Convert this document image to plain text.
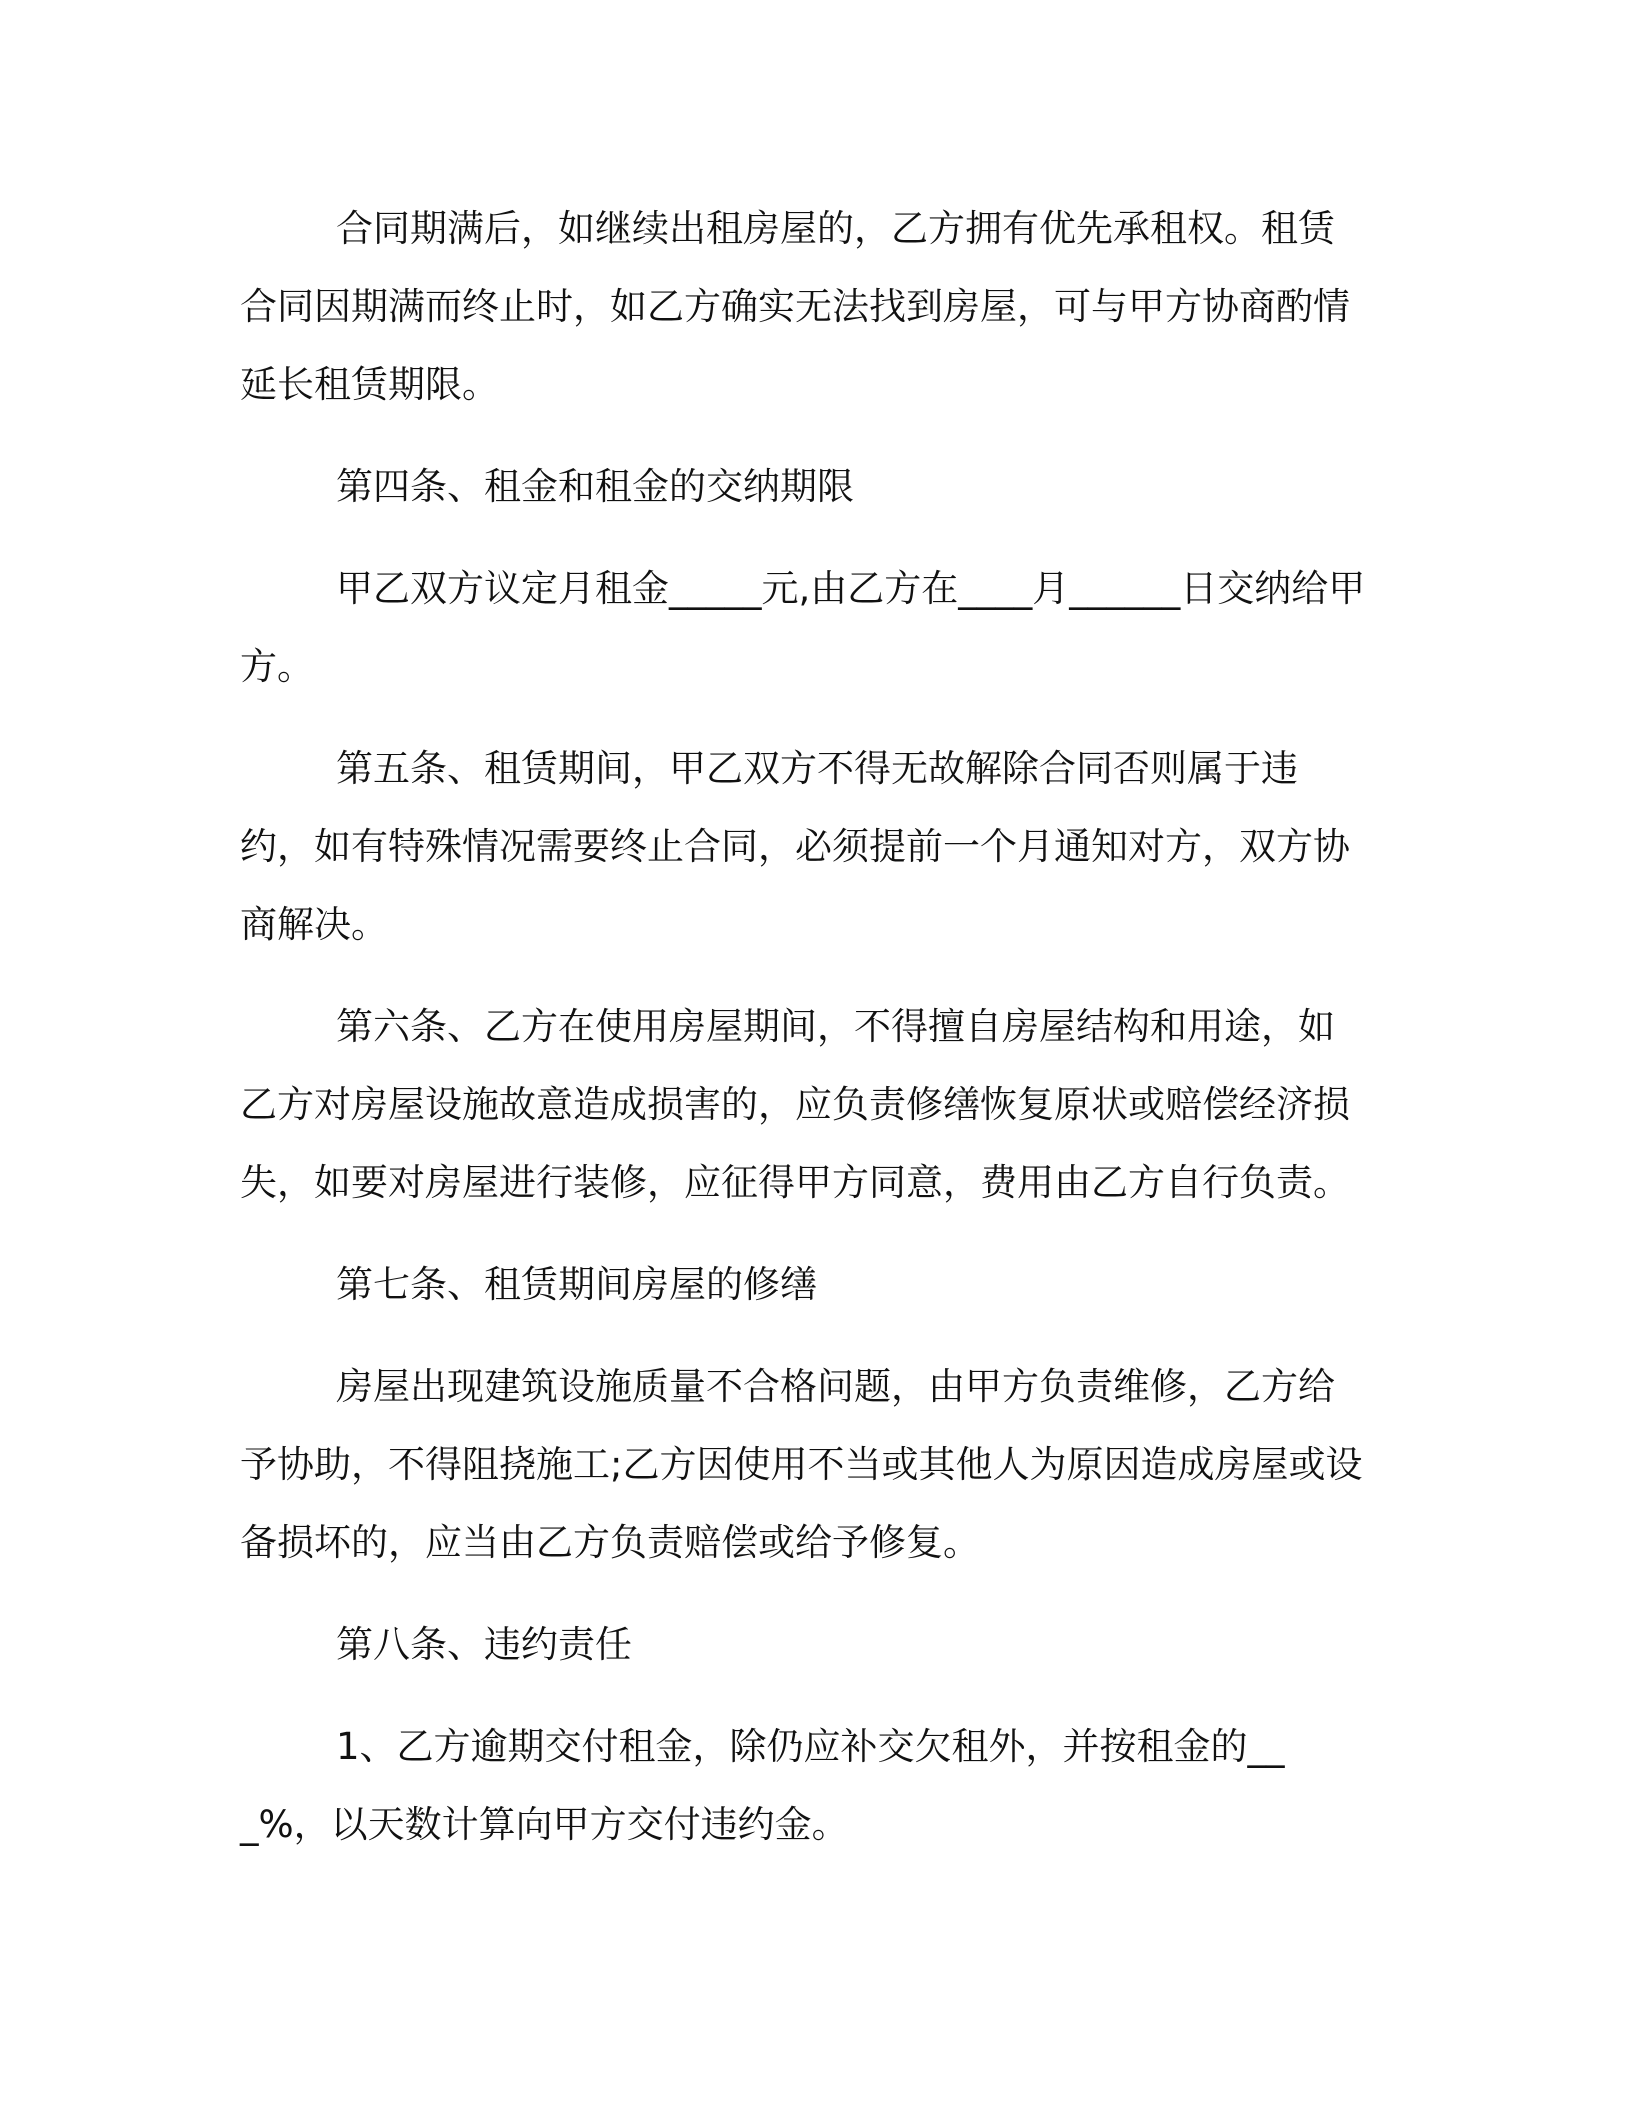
合同期满后，如继续出租房屋的，乙方拥有优先承租权。租赁合同因期满而终止时，如乙方确实无法找到房屋，可与甲方协商酌情延长租赁期限。

第四条、租金和租金的交纳期限

甲乙双方议定月租金_____元,由乙方在____月______日交纳给甲方。

第五条、租赁期间，甲乙双方不得无故解除合同否则属于违约，如有特殊情况需要终止合同，必须提前一个月通知对方，双方协商解决。

第六条、乙方在使用房屋期间，不得擅自房屋结构和用途，如乙方对房屋设施故意造成损害的，应负责修缮恢复原状或赔偿经济损失，如要对房屋进行装修，应征得甲方同意，费用由乙方自行负责。

第七条、租赁期间房屋的修缮

房屋出现建筑设施质量不合格问题，由甲方负责维修，乙方给予协助，不得阻挠施工;乙方因使用不当或其他人为原因造成房屋或设备损坏的，应当由乙方负责赔偿或给予修复。

第八条、违约责任

1、乙方逾期交付租金，除仍应补交欠租外，并按租金的___%，以天数计算向甲方交付违约金。
